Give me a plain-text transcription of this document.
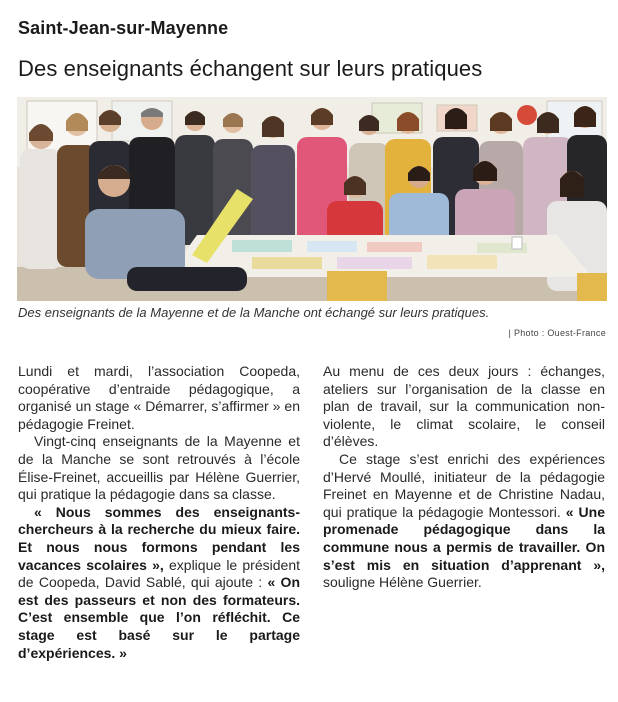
Saint-Jean-sur-Mayenne
Des enseignants échangent sur leurs pratiques
Des enseignants de la Mayenne et de la Manche ont échangé sur leurs pratiques.
| Photo : Ouest-France

Lundi et mardi, l’association Coopeda, coopérative d’entraide pédagogique, a organisé un stage « Démarrer, s’affirmer » en pédagogie Freinet.

Vingt-cinq enseignants de la Mayenne et de la Manche se sont retrouvés à l’école Élise-Freinet, accueillis par Hélène Guerrier, qui pratique la pédagogie dans sa classe.

« Nous sommes des enseignants-chercheurs à la recherche du mieux faire. Et nous nous formons pendant les vacances scolaires », explique le président de Coopeda, David Sablé, qui ajoute : « On est des passeurs et non des formateurs. C’est ensemble que l’on réfléchit. Ce stage est basé sur le partage d’expériences. »

Au menu de ces deux jours : échanges, ateliers sur l’organisation de la classe en plan de travail, sur la communication non-violente, le climat scolaire, le conseil d’élèves.

Ce stage s’est enrichi des expériences d’Hervé Moullé, initiateur de la pédagogie Freinet en Mayenne et de Christine Nadau, qui pratique la pédagogie Montessori. « Une promenade pédagogique dans la commune nous a permis de travailler. On s’est mis en situation d’apprenant », souligne Hélène Guerrier.
